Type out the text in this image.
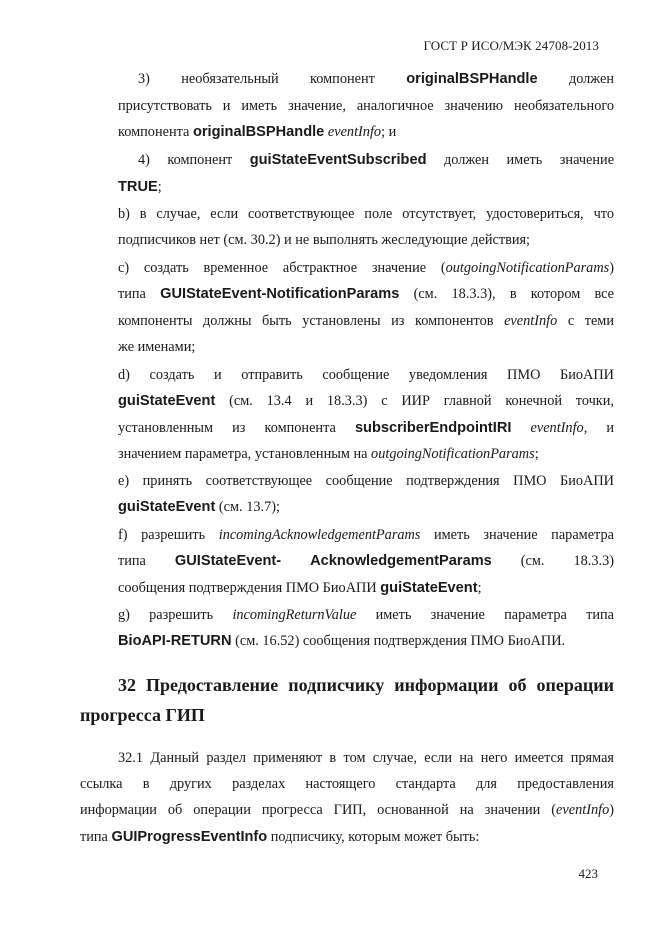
ГОСТ Р ИСО/МЭК 24708-2013
3) необязательный компонент originalBSPHandle должен
присутствовать и иметь значение, аналогичное значению необязательного
компонента originalBSPHandle eventInfo; и
4) компонент guiStateEventSubscribed должен иметь значение
TRUE;
b) в случае, если соответствующее поле отсутствует, удостовериться, что
подписчиков нет (см. 30.2) и не выполнять жеследующие действия;
c) создать временное абстрактное значение (outgoingNotificationParams)
типа GUIStateEvent-NotificationParams (см. 18.3.3), в котором все
компоненты должны быть установлены из компонентов eventInfo с теми
же именами;
d) создать и отправить сообщение уведомления ПМО БиоАПИ
guiStateEvent (см. 13.4 и 18.3.3) с ИИР главной конечной точки,
установленным из компонента subscriberEndpointIRI eventInfo, и
значением параметра, установленным на outgoingNotificationParams;
e) принять соответствующее сообщение подтверждения ПМО БиоАПИ
guiStateEvent (см. 13.7);
f) разрешить incomingAcknowledgementParams иметь значение параметра
типа GUIStateEvent- AcknowledgementParams (см. 18.3.3)
сообщения подтверждения ПМО БиоАПИ guiStateEvent;
g) разрешить incomingReturnValue иметь значение параметра типа
BioAPI-RETURN (см. 16.52) сообщения подтверждения ПМО БиоАПИ.
32 Предоставление подписчику информации об операции
прогресса ГИП
32.1 Данный раздел применяют в том случае, если на него имеется прямая
ссылка в других разделах настоящего стандарта для предоставления
информации об операции прогресса ГИП, основанной на значении (eventInfo)
типа GUIProgressEventInfo подписчику, которым может быть:
423
